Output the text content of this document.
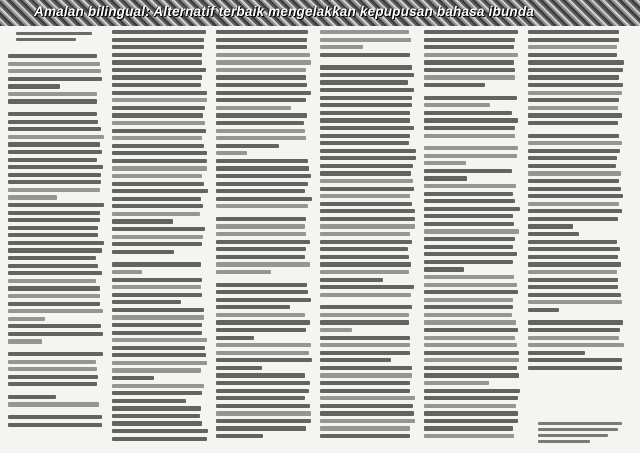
Amalan bilingual: Alternatif terbaik mengelakkan kepupusan bahasa ibunda
